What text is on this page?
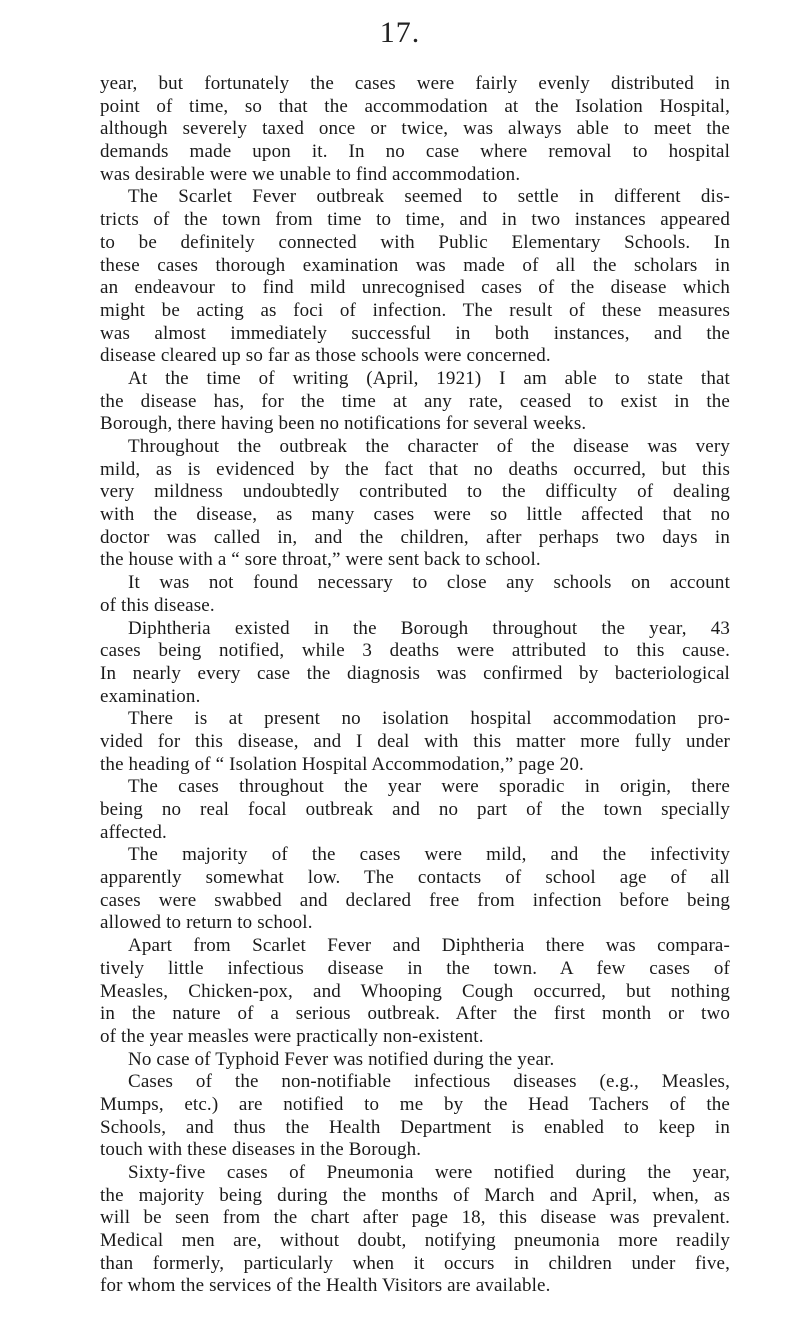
17.
year, but fortunately the cases were fairly evenly distributed in
point of time, so that the accommodation at the Isolation Hospital,
although severely taxed once or twice, was always able to meet the
demands made upon it. In no case where removal to hospital
was desirable were we unable to find accommodation.
The Scarlet Fever outbreak seemed to settle in different dis-
tricts of the town from time to time, and in two instances appeared
to be definitely connected with Public Elementary Schools. In
these cases thorough examination was made of all the scholars in
an endeavour to find mild unrecognised cases of the disease which
might be acting as foci of infection. The result of these measures
was almost immediately successful in both instances, and the
disease cleared up so far as those schools were concerned.
At the time of writing (April, 1921) I am able to state that
the disease has, for the time at any rate, ceased to exist in the
Borough, there having been no notifications for several weeks.
Throughout the outbreak the character of the disease was very
mild, as is evidenced by the fact that no deaths occurred, but this
very mildness undoubtedly contributed to the difficulty of dealing
with the disease, as many cases were so little affected that no
doctor was called in, and the children, after perhaps two days in
the house with a “ sore throat,” were sent back to school.
It was not found necessary to close any schools on account
of this disease.
Diphtheria existed in the Borough throughout the year, 43
cases being notified, while 3 deaths were attributed to this cause.
In nearly every case the diagnosis was confirmed by bacteriological
examination.
There is at present no isolation hospital accommodation pro-
vided for this disease, and I deal with this matter more fully under
the heading of “ Isolation Hospital Accommodation,” page 20.
The cases throughout the year were sporadic in origin, there
being no real focal outbreak and no part of the town specially
affected.
The majority of the cases were mild, and the infectivity
apparently somewhat low. The contacts of school age of all
cases were swabbed and declared free from infection before being
allowed to return to school.
Apart from Scarlet Fever and Diphtheria there was compara-
tively little infectious disease in the town. A few cases of
Measles, Chicken-pox, and Whooping Cough occurred, but nothing
in the nature of a serious outbreak. After the first month or two
of the year measles were practically non-existent.
No case of Typhoid Fever was notified during the year.
Cases of the non-notifiable infectious diseases (e.g., Measles,
Mumps, etc.) are notified to me by the Head Tachers of the
Schools, and thus the Health Department is enabled to keep in
touch with these diseases in the Borough.
Sixty-five cases of Pneumonia were notified during the year,
the majority being during the months of March and April, when, as
will be seen from the chart after page 18, this disease was prevalent.
Medical men are, without doubt, notifying pneumonia more readily
than formerly, particularly when it occurs in children under five,
for whom the services of the Health Visitors are available.
